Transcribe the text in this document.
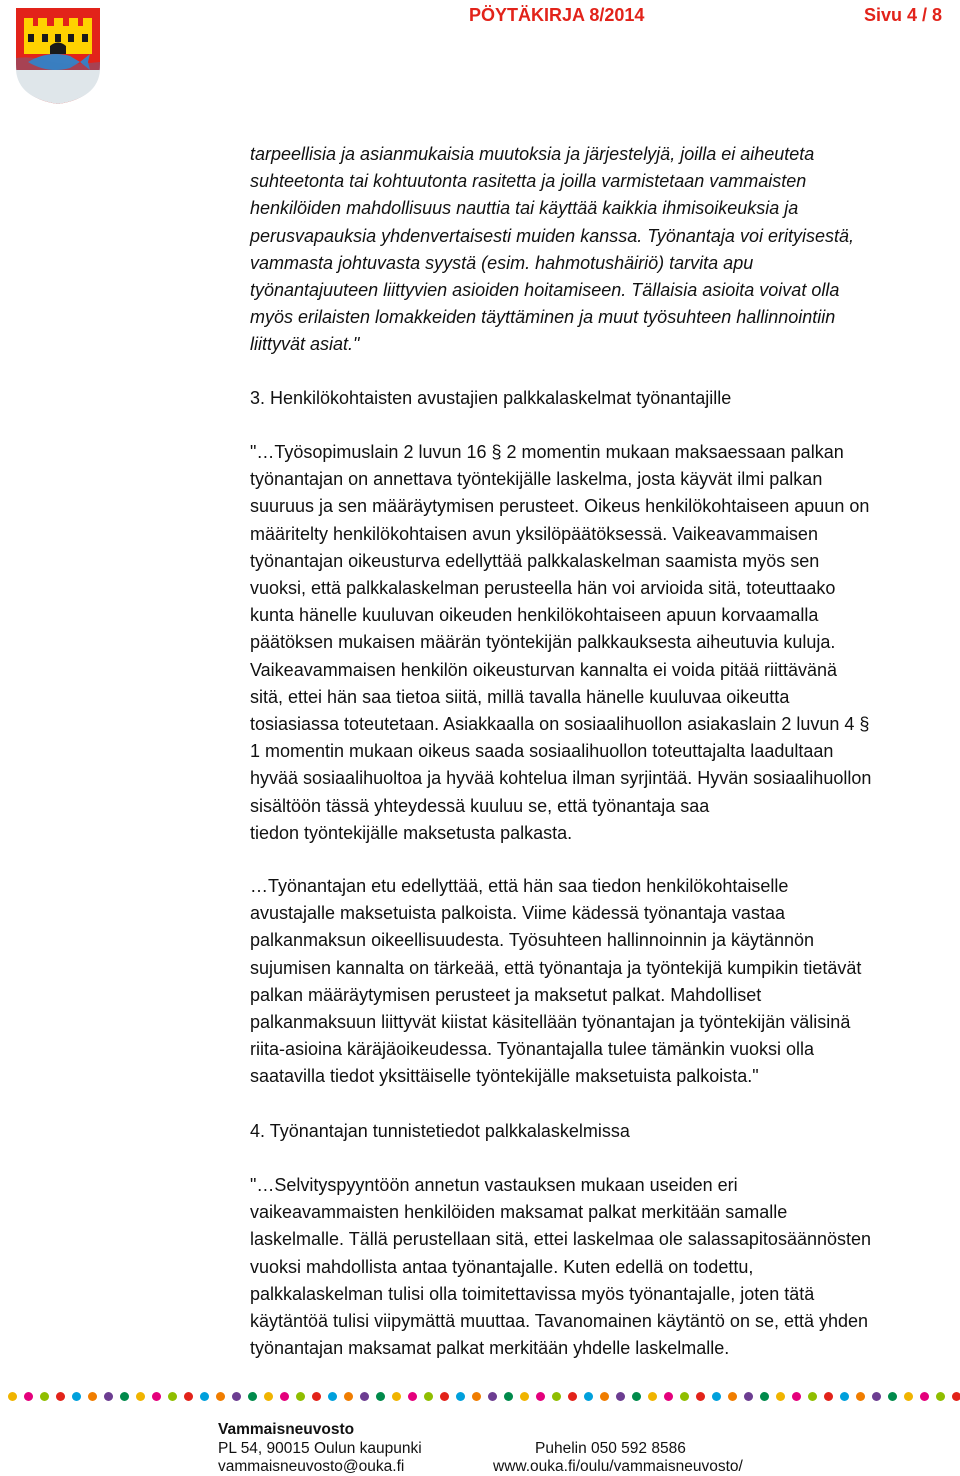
PÖYTÄKIRJA 8/2014	Sivu 4 / 8
tarpeellisia ja asianmukaisia muutoksia ja järjestelyjä, joilla ei aiheuteta
suhteetonta tai kohtuutonta rasitetta ja joilla varmistetaan vammaisten
henkilöiden mahdollisuus nauttia tai käyttää kaikkia ihmisoikeuksia ja
perusvapauksia yhdenvertaisesti muiden kanssa. Työnantaja voi erityisestä,
vammasta johtuvasta syystä (esim. hahmotushäiriö) tarvita apu
työnantajuuteen liittyvien asioiden hoitamiseen. Tällaisia asioita voivat olla
myös erilaisten lomakkeiden täyttäminen ja muut työsuhteen hallinnointiin
liittyvät asiat."
3. Henkilökohtaisten avustajien palkkalaskelmat työnantajille
"…Työsopimuslain 2 luvun 16 § 2 momentin mukaan maksaessaan palkan
työnantajan on annettava työntekijälle laskelma, josta käyvät ilmi palkan
suuruus ja sen määräytymisen perusteet. Oikeus henkilökohtaiseen apuun on
määritelty henkilökohtaisen avun yksilöpäätöksessä. Vaikeavammaisen
työnantajan oikeusturva edellyttää palkkalaskelman saamista myös sen
vuoksi, että palkkalaskelman perusteella hän voi arvioida sitä, toteuttaako
kunta hänelle kuuluvan oikeuden henkilökohtaiseen apuun korvaamalla
päätöksen mukaisen määrän työntekijän palkkauksesta aiheutuvia kuluja.
Vaikeavammaisen henkilön oikeusturvan kannalta ei voida pitää riittävänä
sitä, ettei hän saa tietoa siitä, millä tavalla hänelle kuuluvaa oikeutta
tosiasiassa toteutetaan. Asiakkaalla on sosiaalihuollon asiakaslain 2 luvun 4 §
1 momentin mukaan oikeus saada sosiaalihuollon toteuttajalta laadultaan
hyvää sosiaalihuoltoa ja hyvää kohtelua ilman syrjintää. Hyvän sosiaalihuollon
sisältöön tässä yhteydessä kuuluu se, että työnantaja saa
tiedon työntekijälle maksetusta palkasta.
…Työnantajan etu edellyttää, että hän saa tiedon henkilökohtaiselle
avustajalle maksetuista palkoista. Viime kädessä työnantaja vastaa
palkanmaksun oikeellisuudesta. Työsuhteen hallinnoinnin ja käytännön
sujumisen kannalta on tärkeää, että työnantaja ja työntekijä kumpikin tietävät
palkan määräytymisen perusteet ja maksetut palkat. Mahdolliset
palkanmaksuun liittyvät kiistat käsitellään työnantajan ja työntekijän välisinä
riita-asioina käräjäoikeudessa. Työnantajalla tulee tämänkin vuoksi olla
saatavilla tiedot yksittäiselle työntekijälle maksetuista palkoista."
4. Työnantajan tunnistetiedot palkkalaskelmissa
"…Selvityspyyntöön annetun vastauksen mukaan useiden eri
vaikeavammaisten henkilöiden maksamat palkat merkitään samalle
laskelmalle. Tällä perustellaan sitä, ettei laskelmaa ole salassapitosäännösten
vuoksi mahdollista antaa työnantajalle. Kuten edellä on todettu,
palkkalaskelman tulisi olla toimitettavissa myös työnantajalle, joten tätä
käytäntöä tulisi viipymättä muuttaa. Tavanomainen käytäntö on se, että yhden
työnantajan maksamat palkat merkitään yhdelle laskelmalle.
Vammaisneuvosto
PL 54, 90015 Oulun kaupunki
vammaisneuvosto@ouka.fi
Puhelin 050 592 8586
www.ouka.fi/oulu/vammaisneuvosto/
